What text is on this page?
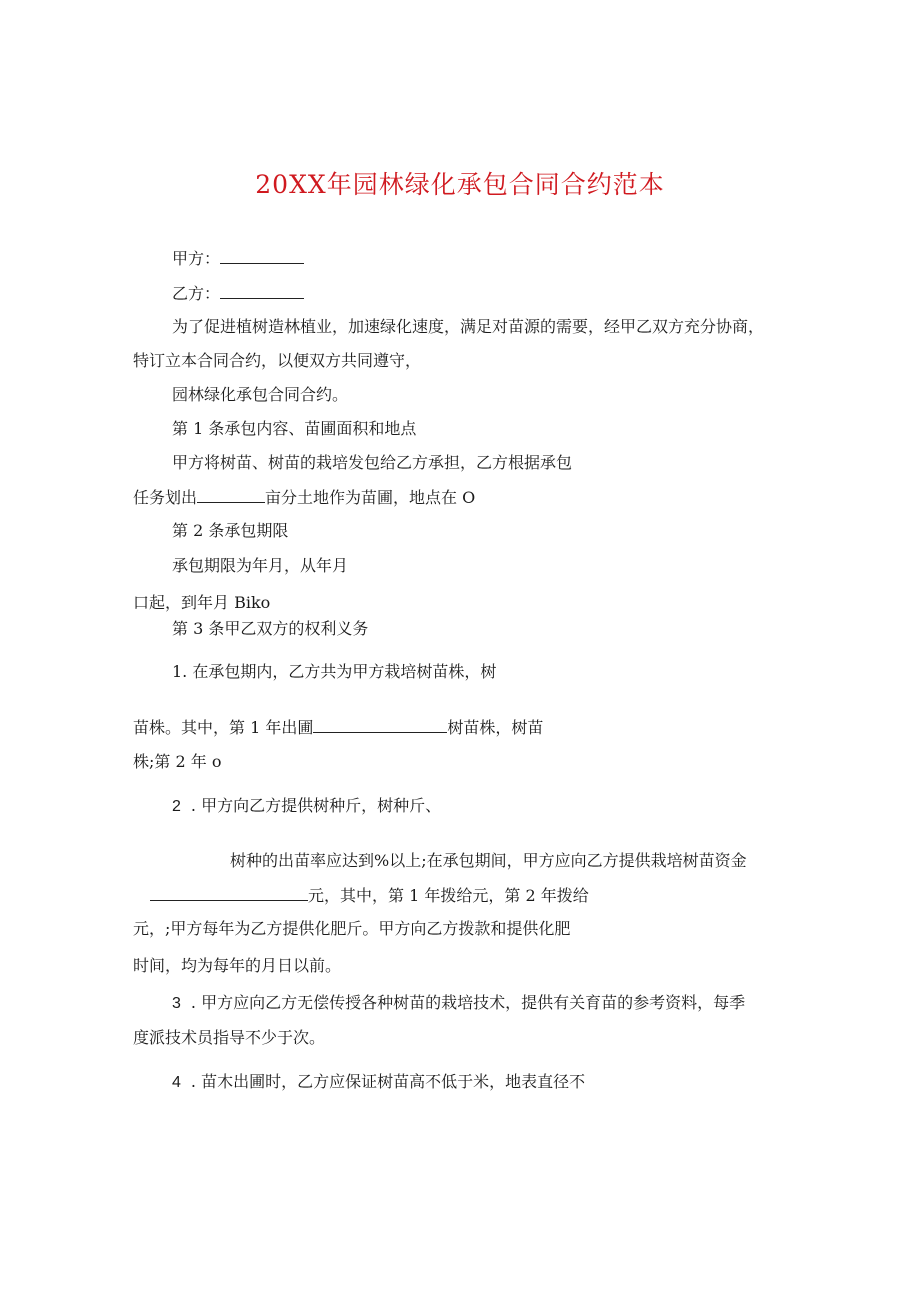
20XX年园林绿化承包合同合约范本
甲方：
乙方：
为了促进植树造林植业，加速绿化速度，满足对苗源的需要，经甲乙双方充分协商，
特订立本合同合约，以便双方共同遵守，
园林绿化承包合同合约。
第 1 条承包内容、苗圃面积和地点
甲方将树苗、树苗的栽培发包给乙方承担，乙方根据承包
任务划出	亩分土地作为苗圃，地点在 O
第 2 条承包期限
承包期限为年月，从年月
口起，到年月 Biko
第 3 条甲乙双方的权利义务
1. 在承包期内，乙方共为甲方栽培树苗株，树
苗株。其中，第 1 年出圃	树苗株，树苗
株;第 2 年 o
2 . 甲方向乙方提供树种斤，树种斤、
树种的出苗率应达到%以上;在承包期间，甲方应向乙方提供栽培树苗资金
元，其中，第 1 年拨给元，第 2 年拨给
元，;甲方每年为乙方提供化肥斤。甲方向乙方拨款和提供化肥
时间，均为每年的月日以前。
3 . 甲方应向乙方无偿传授各种树苗的栽培技术，提供有关育苗的参考资料，每季
度派技术员指导不少于次。
4 . 苗木出圃时，乙方应保证树苗高不低于米，地表直径不
